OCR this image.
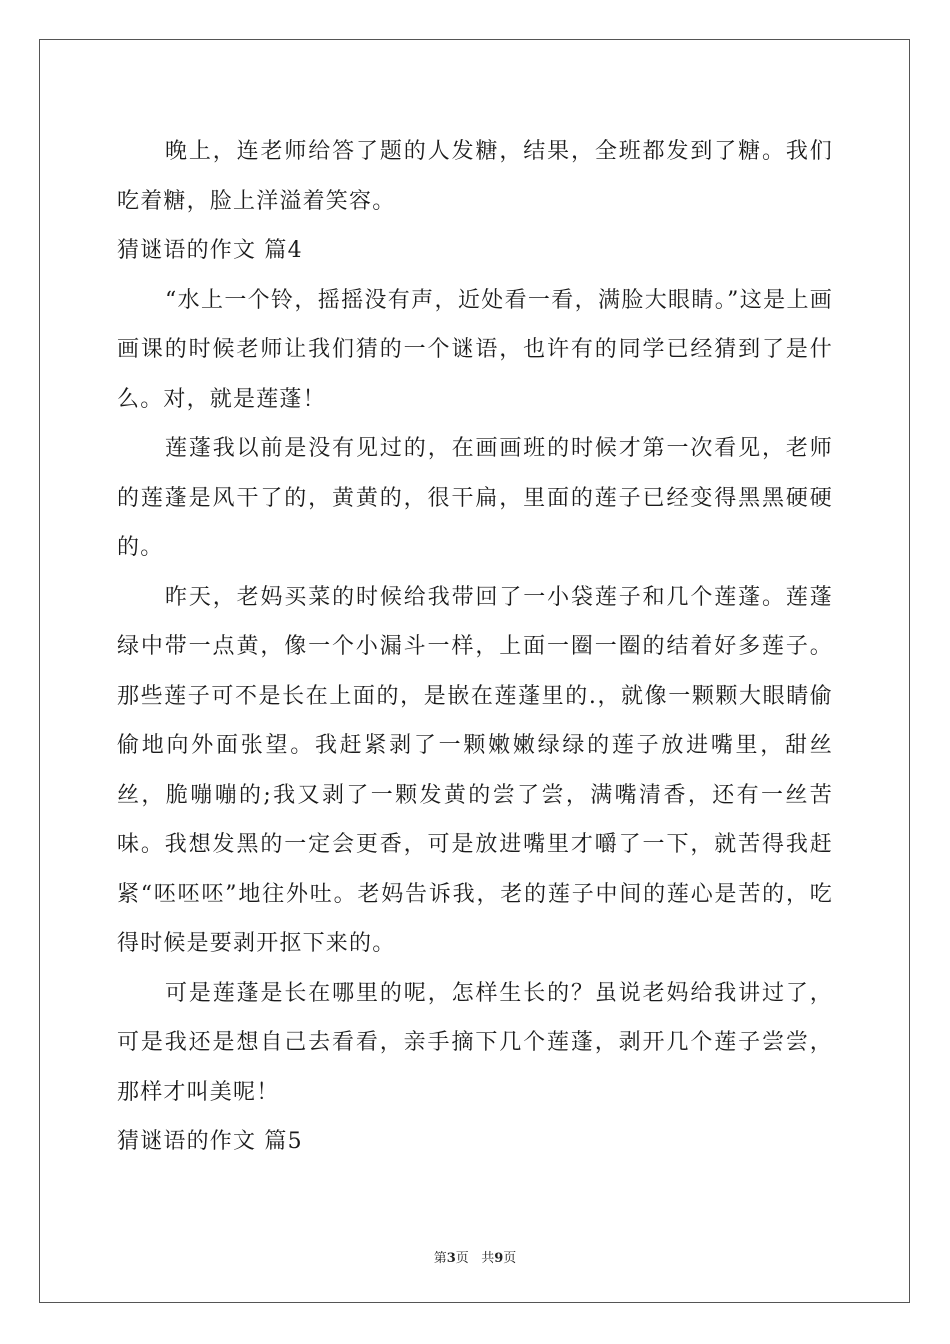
晚上，连老师给答了题的人发糖，结果，全班都发到了糖。我们吃着糖，脸上洋溢着笑容。

猜谜语的作文 篇4

“水上一个铃，摇摇没有声，近处看一看，满脸大眼睛。”这是上画画课的时候老师让我们猜的一个谜语，也许有的同学已经猜到了是什么。对，就是莲蓬！

莲蓬我以前是没有见过的，在画画班的时候才第一次看见，老师的莲蓬是风干了的，黄黄的，很干扁，里面的莲子已经变得黑黑硬硬的。

昨天，老妈买菜的时候给我带回了一小袋莲子和几个莲蓬。莲蓬绿中带一点黄，像一个小漏斗一样，上面一圈一圈的结着好多莲子。那些莲子可不是长在上面的，是嵌在莲蓬里的.，就像一颗颗大眼睛偷偷地向外面张望。我赶紧剥了一颗嫩嫩绿绿的莲子放进嘴里，甜丝丝，脆嘣嘣的;我又剥了一颗发黄的尝了尝，满嘴清香，还有一丝苦味。我想发黑的一定会更香，可是放进嘴里才嚼了一下，就苦得我赶紧“呸呸呸”地往外吐。老妈告诉我，老的莲子中间的莲心是苦的，吃得时候是要剥开抠下来的。

可是莲蓬是长在哪里的呢，怎样生长的？虽说老妈给我讲过了，可是我还是想自己去看看，亲手摘下几个莲蓬，剥开几个莲子尝尝，那样才叫美呢！

猜谜语的作文 篇5

第3页 共9页
